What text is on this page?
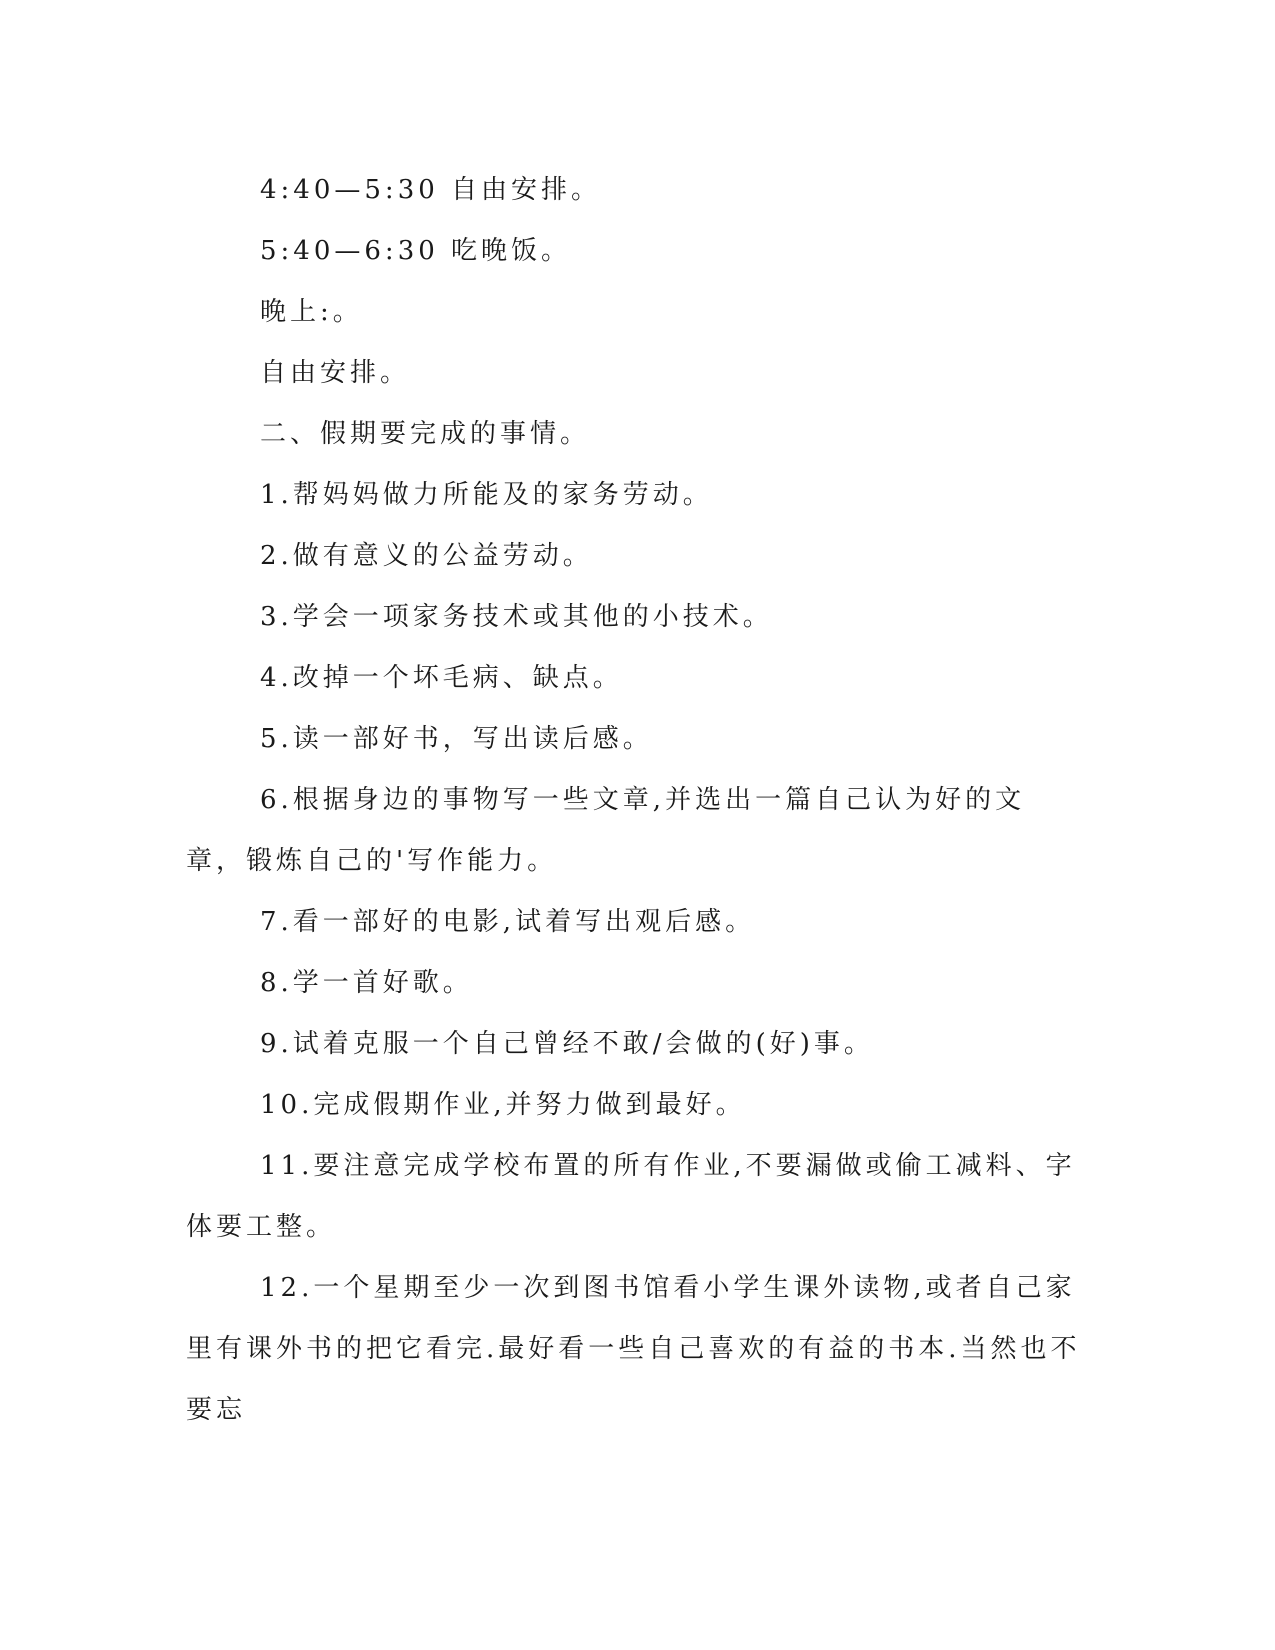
4:40—5:30 自由安排。

5:40—6:30 吃晚饭。

晚上:。

自由安排。

二、假期要完成的事情。

1.帮妈妈做力所能及的家务劳动。

2.做有意义的公益劳动。

3.学会一项家务技术或其他的小技术。

4.改掉一个坏毛病、缺点。

5.读一部好书，写出读后感。

6.根据身边的事物写一些文章,并选出一篇自己认为好的文章，锻炼自己的'写作能力。

7.看一部好的电影,试着写出观后感。

8.学一首好歌。

9.试着克服一个自己曾经不敢/会做的(好)事。

10.完成假期作业,并努力做到最好。

11.要注意完成学校布置的所有作业,不要漏做或偷工减料、字体要工整。

12.一个星期至少一次到图书馆看小学生课外读物,或者自己家里有课外书的把它看完.最好看一些自己喜欢的有益的书本.当然也不要忘
